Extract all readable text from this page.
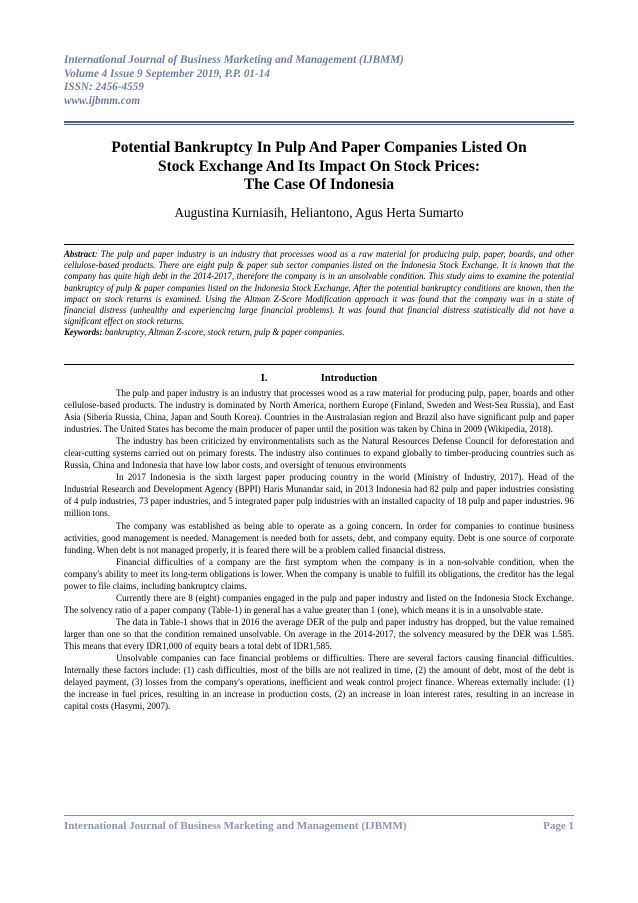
International Journal of Business Marketing and Management (IJBMM)
Volume 4 Issue 9 September 2019, P.P. 01-14
ISSN: 2456-4559
www.ijbmm.com
Potential Bankruptcy In Pulp And Paper Companies Listed On
Stock Exchange And Its Impact On Stock Prices:
The Case Of Indonesia
Augustina Kurniasih, Heliantono, Agus Herta Sumarto
Abstract: The pulp and paper industry is an industry that processes wood as a raw material for producing pulp, paper, boards, and other cellulose-based products. There are eight pulp & paper sub sector companies listed on the Indonesia Stock Exchange. It is known that the company has quite high debt in the 2014-2017, therefore the company is in an unsolvable condition. This study aims to examine the potential bankruptcy of pulp & paper companies listed on the Indonesia Stock Exchange. After the potential bankruptcy conditions are known, then the impact on stock returns is examined. Using the Altman Z-Score Modification approach it was found that the company was in a state of financial distress (unhealthy and experiencing large financial problems). It was found that financial distress statistically did not have a significant effect on stock returns.
Keywords: bankruptcy, Altman Z-score, stock return, pulp & paper companies.
I.	Introduction

The pulp and paper industry is an industry that processes wood as a raw material for producing pulp, paper, boards and other cellulose-based products. The industry is dominated by North America, northern Europe (Finland, Sweden and West-Sea Russia), and East Asia (Siberia Russia, China, Japan and South Korea). Countries in the Australasian region and Brazil also have significant pulp and paper industries. The United States has become the main producer of paper until the position was taken by China in 2009 (Wikipedia, 2018).

The industry has been criticized by environmentalists such as the Natural Resources Defense Council for deforestation and clear-cutting systems carried out on primary forests. The industry also continues to expand globally to timber-producing countries such as Russia, China and Indonesia that have low labor costs, and oversight of tenuous environments

In 2017 Indonesia is the sixth largest paper producing country in the world (Ministry of Industry, 2017). Head of the Industrial Research and Development Agency (BPPI) Haris Munandar said, in 2013 Indonesia had 82 pulp and paper industries consisting of 4 pulp industries, 73 paper industries, and 5 integrated paper pulp industries with an installed capacity of 18 pulp and paper industries. 96 million tons.

The company was established as being able to operate as a going concern. In order for companies to continue business activities, good management is needed. Management is needed both for assets, debt, and company equity. Debt is one source of corporate funding. When debt is not managed properly, it is feared there will be a problem called financial distress.

Financial difficulties of a company are the first symptom when the company is in a non-solvable condition, when the company's ability to meet its long-term obligations is lower. When the company is unable to fulfill its obligations, the creditor has the legal power to file claims, including bankruptcy claims.

Currently there are 8 (eight) companies engaged in the pulp and paper industry and listed on the Indonesia Stock Exchange. The solvency ratio of a paper company (Table-1) in general has a value greater than 1 (one), which means it is in a unsolvable state.

The data in Table-1 shows that in 2016 the average DER of the pulp and paper industry has dropped, but the value remained larger than one so that the condition remained unsolvable. On average in the 2014-2017, the solvency measured by the DER was 1.585. This means that every IDR1,000 of equity bears a total debt of IDR1,585.

Unsolvable companies can face financial problems or difficulties. There are several factors causing financial difficulties. Internally these factors include: (1) cash difficulties, most of the bills are not realized in time, (2) the amount of debt, most of the debt is delayed payment, (3) losses from the company's operations, inefficient and weak control project finance. Whereas externally include: (1) the increase in fuel prices, resulting in an increase in production costs, (2) an increase in loan interest rates, resulting in an increase in capital costs (Hasymi, 2007).

International Journal of Business Marketing and Management (IJBMM)	Page 1
